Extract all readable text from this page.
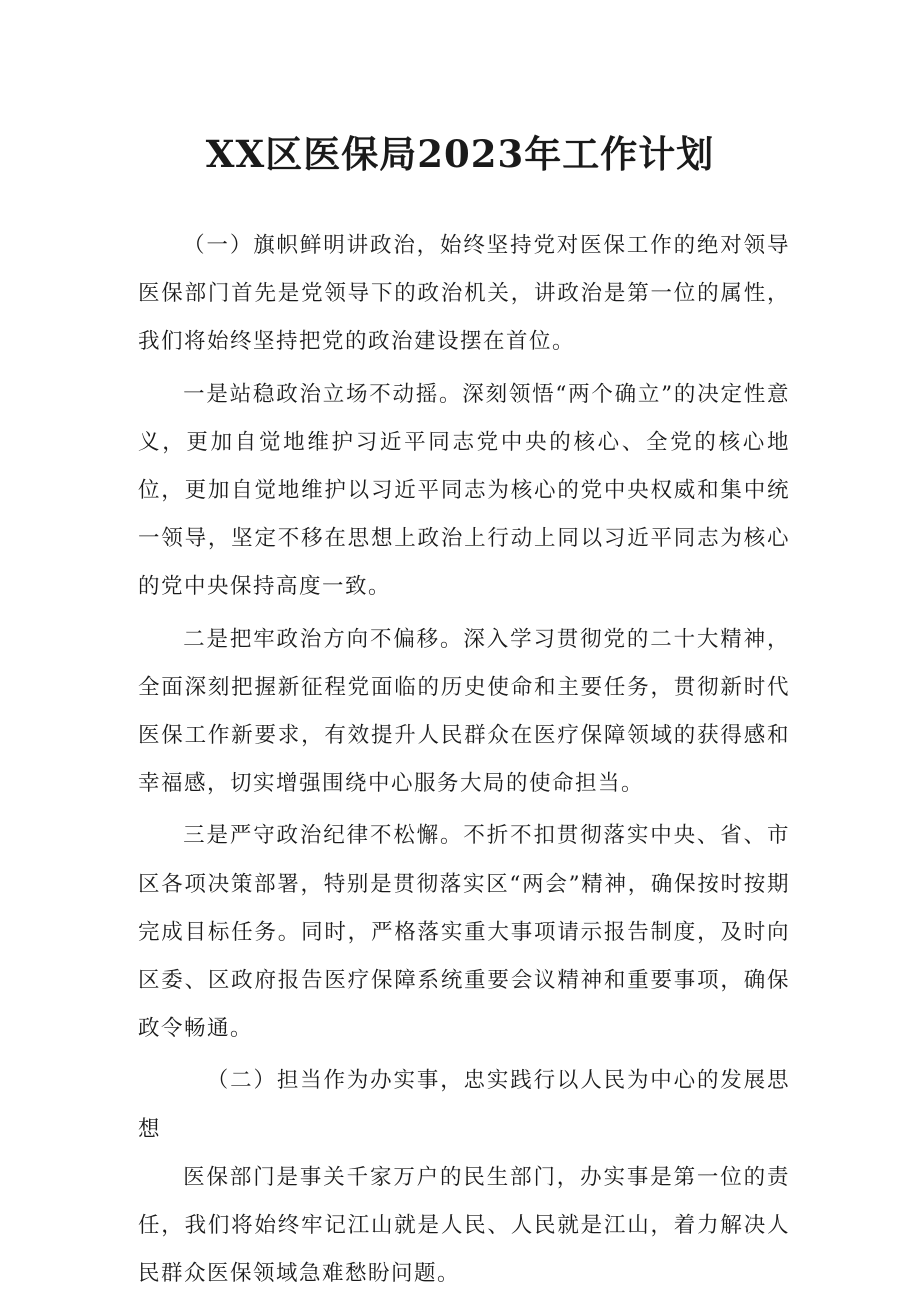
XX区医保局2023年工作计划

（一）旗帜鲜明讲政治，始终坚持党对医保工作的绝对领导医保部门首先是党领导下的政治机关，讲政治是第一位的属性，我们将始终坚持把党的政治建设摆在首位。

一是站稳政治立场不动摇。深刻领悟“两个确立”的决定性意义，更加自觉地维护习近平同志党中央的核心、全党的核心地位，更加自觉地维护以习近平同志为核心的党中央权威和集中统一领导，坚定不移在思想上政治上行动上同以习近平同志为核心的党中央保持高度一致。

二是把牢政治方向不偏移。深入学习贯彻党的二十大精神，全面深刻把握新征程党面临的历史使命和主要任务，贯彻新时代医保工作新要求，有效提升人民群众在医疗保障领域的获得感和幸福感，切实增强围绕中心服务大局的使命担当。

三是严守政治纪律不松懈。不折不扣贯彻落实中央、省、市区各项决策部署，特别是贯彻落实区“两会”精神，确保按时按期完成目标任务。同时，严格落实重大事项请示报告制度，及时向区委、区政府报告医疗保障系统重要会议精神和重要事项，确保政令畅通。

（二）担当作为办实事，忠实践行以人民为中心的发展思想

医保部门是事关千家万户的民生部门，办实事是第一位的责任，我们将始终牢记江山就是人民、人民就是江山，着力解决人民群众医保领域急难愁盼问题。
